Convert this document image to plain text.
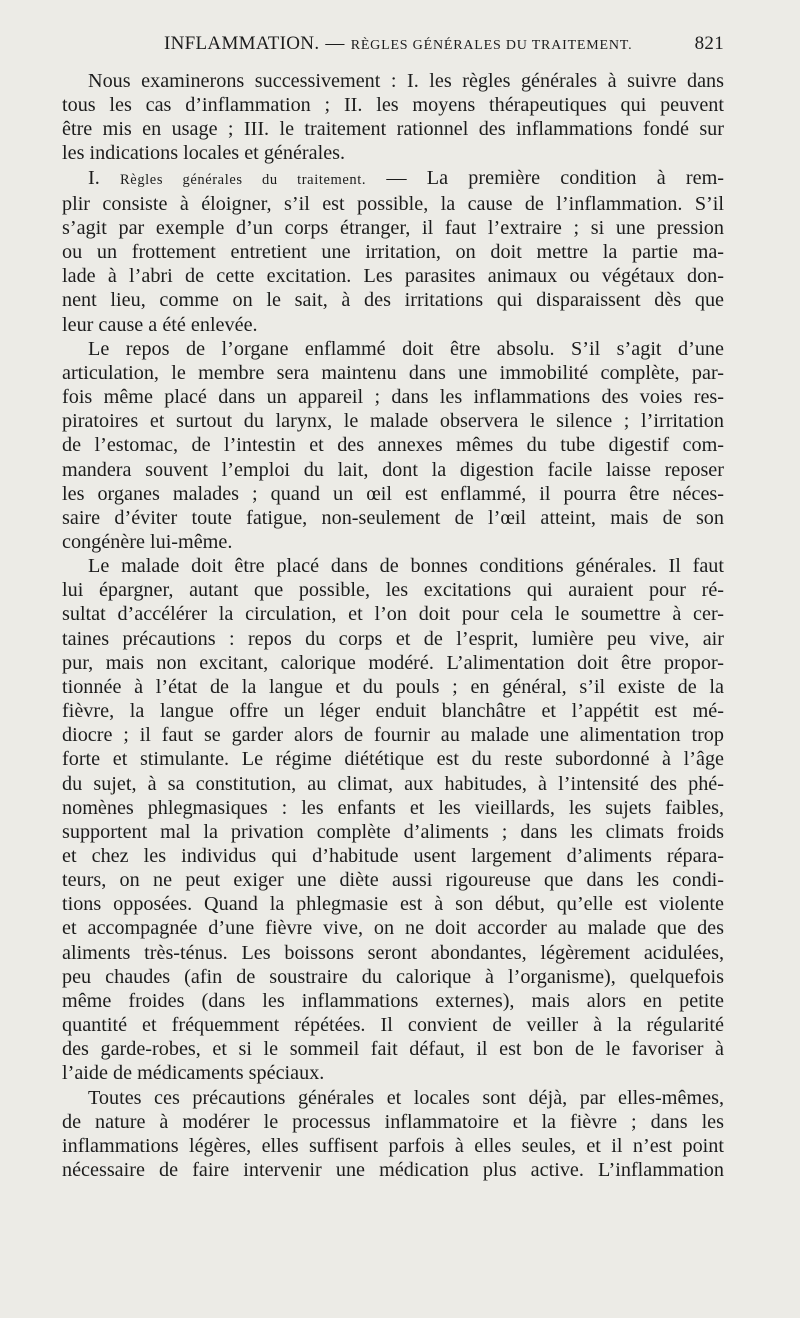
INFLAMMATION. — RÈGLES GÉNÉRALES DU TRAITEMENT.	821

Nous examinerons successivement : I. les règles générales à suivre dans
tous les cas d’inflammation ; II. les moyens thérapeutiques qui peuvent
être mis en usage ; III. le traitement rationnel des inflammations fondé sur
les indications locales et générales.

I. Règles générales du traitement. — La première condition à rem-
plir consiste à éloigner, s’il est possible, la cause de l’inflammation. S’il
s’agit par exemple d’un corps étranger, il faut l’extraire ; si une pression
ou un frottement entretient une irritation, on doit mettre la partie ma-
lade à l’abri de cette excitation. Les parasites animaux ou végétaux don-
nent lieu, comme on le sait, à des irritations qui disparaissent dès que
leur cause a été enlevée.

Le repos de l’organe enflammé doit être absolu. S’il s’agit d’une
articulation, le membre sera maintenu dans une immobilité complète, par-
fois même placé dans un appareil ; dans les inflammations des voies res-
piratoires et surtout du larynx, le malade observera le silence ; l’irritation
de l’estomac, de l’intestin et des annexes mêmes du tube digestif com-
mandera souvent l’emploi du lait, dont la digestion facile laisse reposer
les organes malades ; quand un œil est enflammé, il pourra être néces-
saire d’éviter toute fatigue, non-seulement de l’œil atteint, mais de son
congénère lui-même.

Le malade doit être placé dans de bonnes conditions générales. Il faut
lui épargner, autant que possible, les excitations qui auraient pour ré-
sultat d’accélérer la circulation, et l’on doit pour cela le soumettre à cer-
taines précautions : repos du corps et de l’esprit, lumière peu vive, air
pur, mais non excitant, calorique modéré. L’alimentation doit être propor-
tionnée à l’état de la langue et du pouls ; en général, s’il existe de la
fièvre, la langue offre un léger enduit blanchâtre et l’appétit est mé-
diocre ; il faut se garder alors de fournir au malade une alimentation trop
forte et stimulante. Le régime diététique est du reste subordonné à l’âge
du sujet, à sa constitution, au climat, aux habitudes, à l’intensité des phé-
nomènes phlegmasiques : les enfants et les vieillards, les sujets faibles,
supportent mal la privation complète d’aliments ; dans les climats froids
et chez les individus qui d’habitude usent largement d’aliments répara-
teurs, on ne peut exiger une diète aussi rigoureuse que dans les condi-
tions opposées. Quand la phlegmasie est à son début, qu’elle est violente
et accompagnée d’une fièvre vive, on ne doit accorder au malade que des
aliments très-ténus. Les boissons seront abondantes, légèrement acidulées,
peu chaudes (afin de soustraire du calorique à l’organisme), quelquefois
même froides (dans les inflammations externes), mais alors en petite
quantité et fréquemment répétées. Il convient de veiller à la régularité
des garde-robes, et si le sommeil fait défaut, il est bon de le favoriser à
l’aide de médicaments spéciaux.

Toutes ces précautions générales et locales sont déjà, par elles-mêmes,
de nature à modérer le processus inflammatoire et la fièvre ; dans les
inflammations légères, elles suffisent parfois à elles seules, et il n’est point
nécessaire de faire intervenir une médication plus active. L’inflammation
